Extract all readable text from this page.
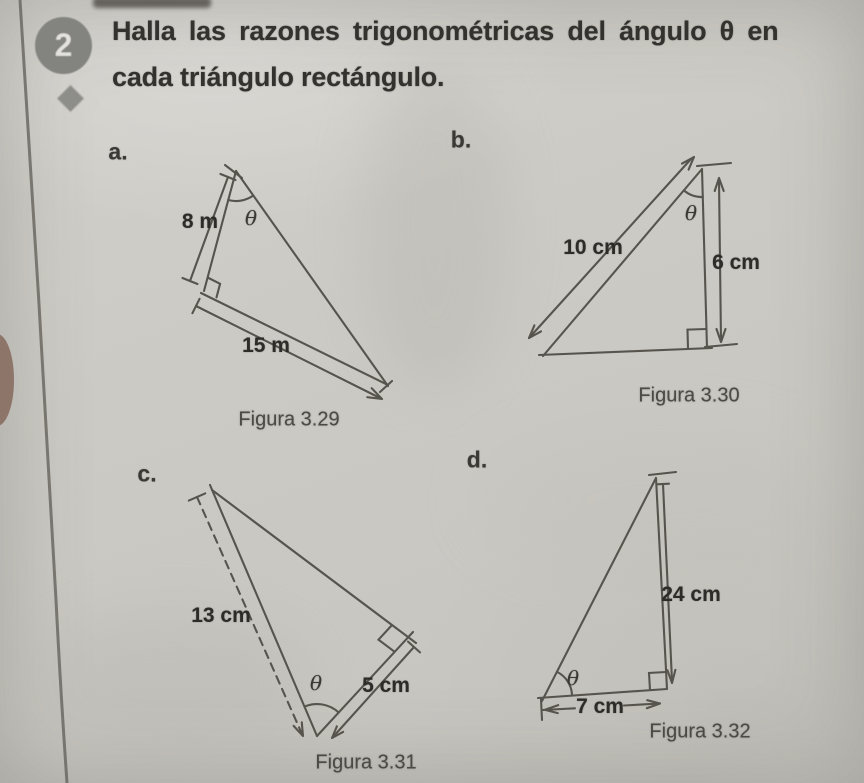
2	Halla las razones trigonométricas del ángulo θ en
cada triángulo rectángulo.
a.	b.
c.
d.
8 m θ
15 m
Figura 3.29
10 cm
θ
6 cm
Figura 3.30
13 cm
θ 5 cm
Figura 3.31
24 cm
θ
7 cm
Figura 3.32
